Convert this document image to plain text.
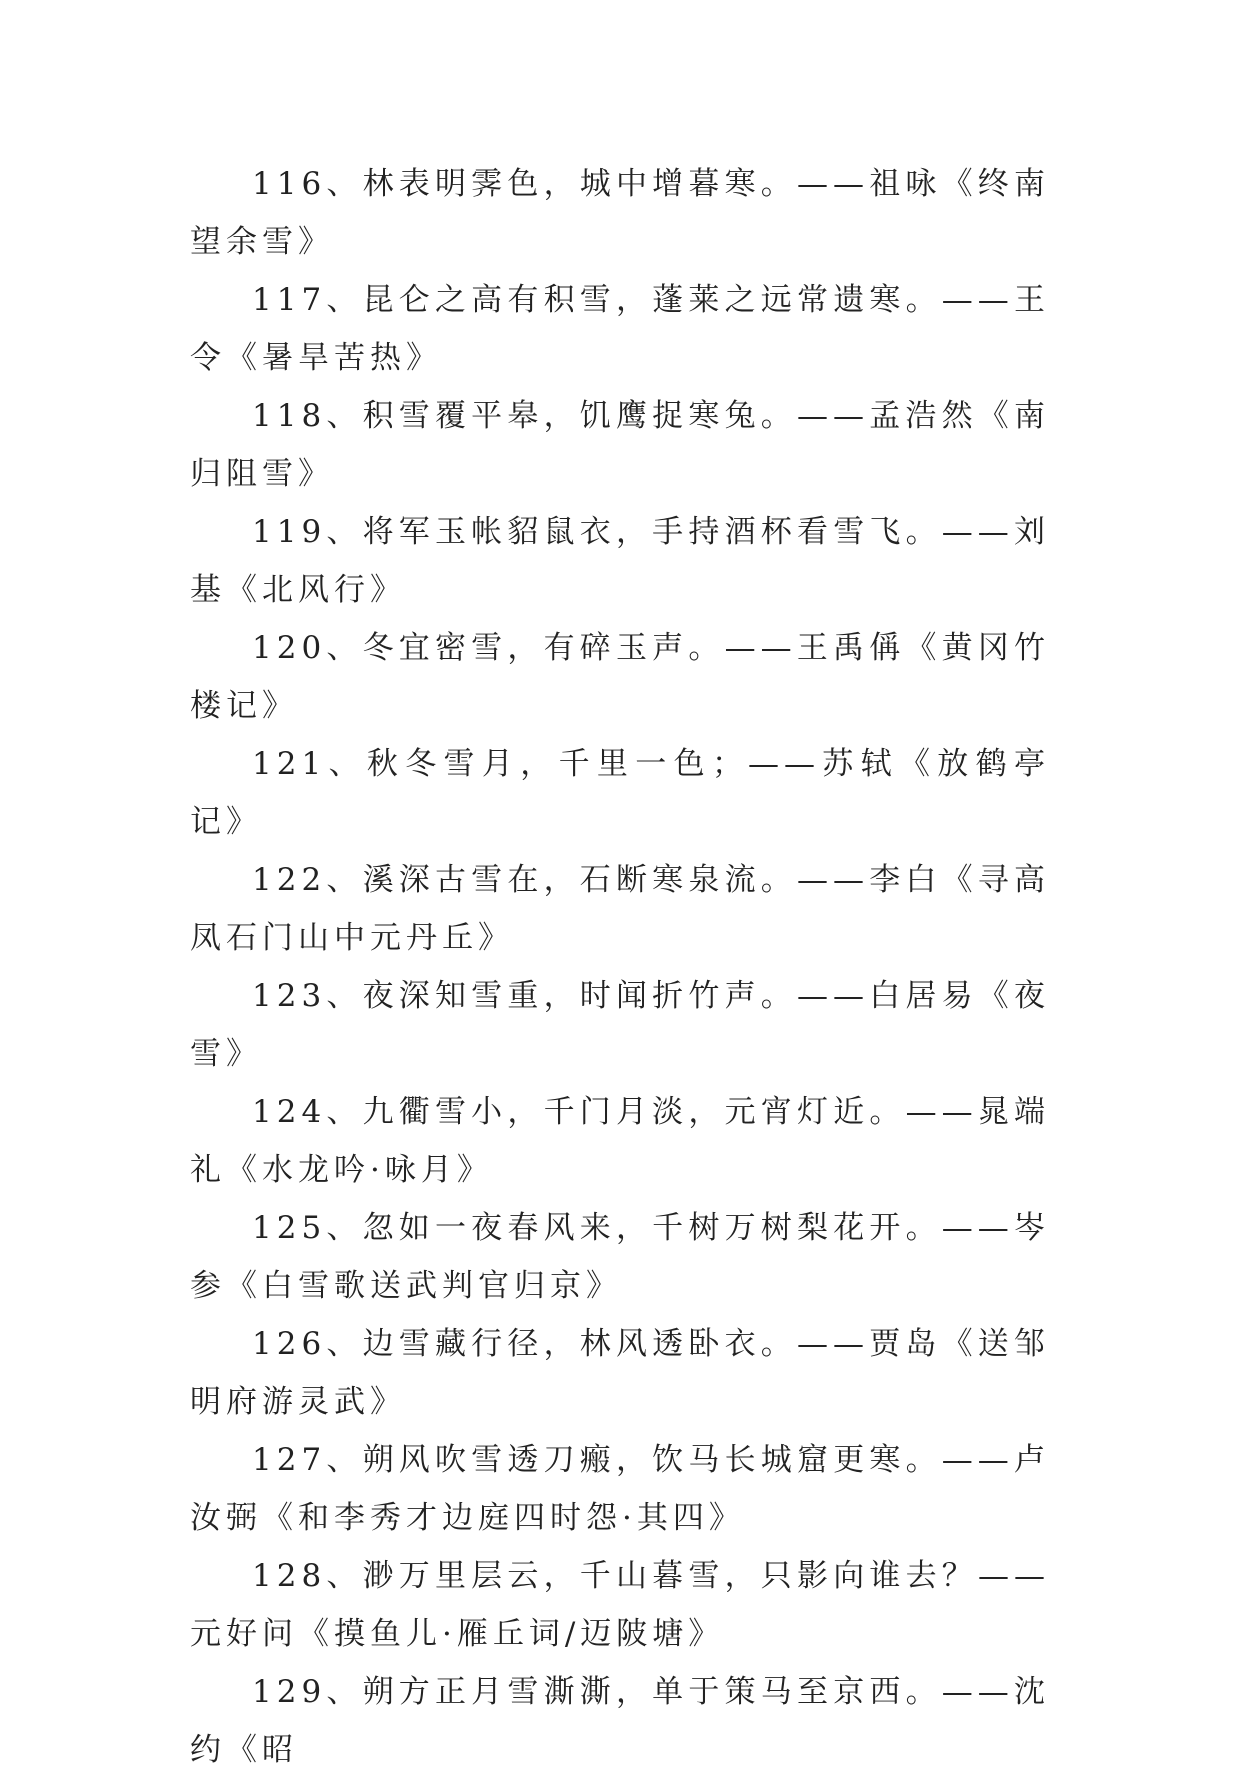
116、林表明霁色，城中增暮寒。——祖咏《终南望余雪》

117、昆仑之高有积雪，蓬莱之远常遗寒。——王令《暑旱苦热》

118、积雪覆平皋，饥鹰捉寒兔。——孟浩然《南归阻雪》

119、将军玉帐貂鼠衣，手持酒杯看雪飞。——刘基《北风行》

120、冬宜密雪，有碎玉声。——王禹偁《黄冈竹楼记》

121、秋冬雪月，千里一色；——苏轼《放鹤亭记》

122、溪深古雪在，石断寒泉流。——李白《寻高凤石门山中元丹丘》

123、夜深知雪重，时闻折竹声。——白居易《夜雪》

124、九衢雪小，千门月淡，元宵灯近。——晁端礼《水龙吟·咏月》

125、忽如一夜春风来，千树万树梨花开。——岑参《白雪歌送武判官归京》

126、边雪藏行径，林风透卧衣。——贾岛《送邹明府游灵武》

127、朔风吹雪透刀瘢，饮马长城窟更寒。——卢汝弼《和李秀才边庭四时怨·其四》

128、渺万里层云，千山暮雪，只影向谁去？——元好问《摸鱼儿·雁丘词/迈陂塘》

129、朔方正月雪澌澌，单于策马至京西。——沈约《昭
